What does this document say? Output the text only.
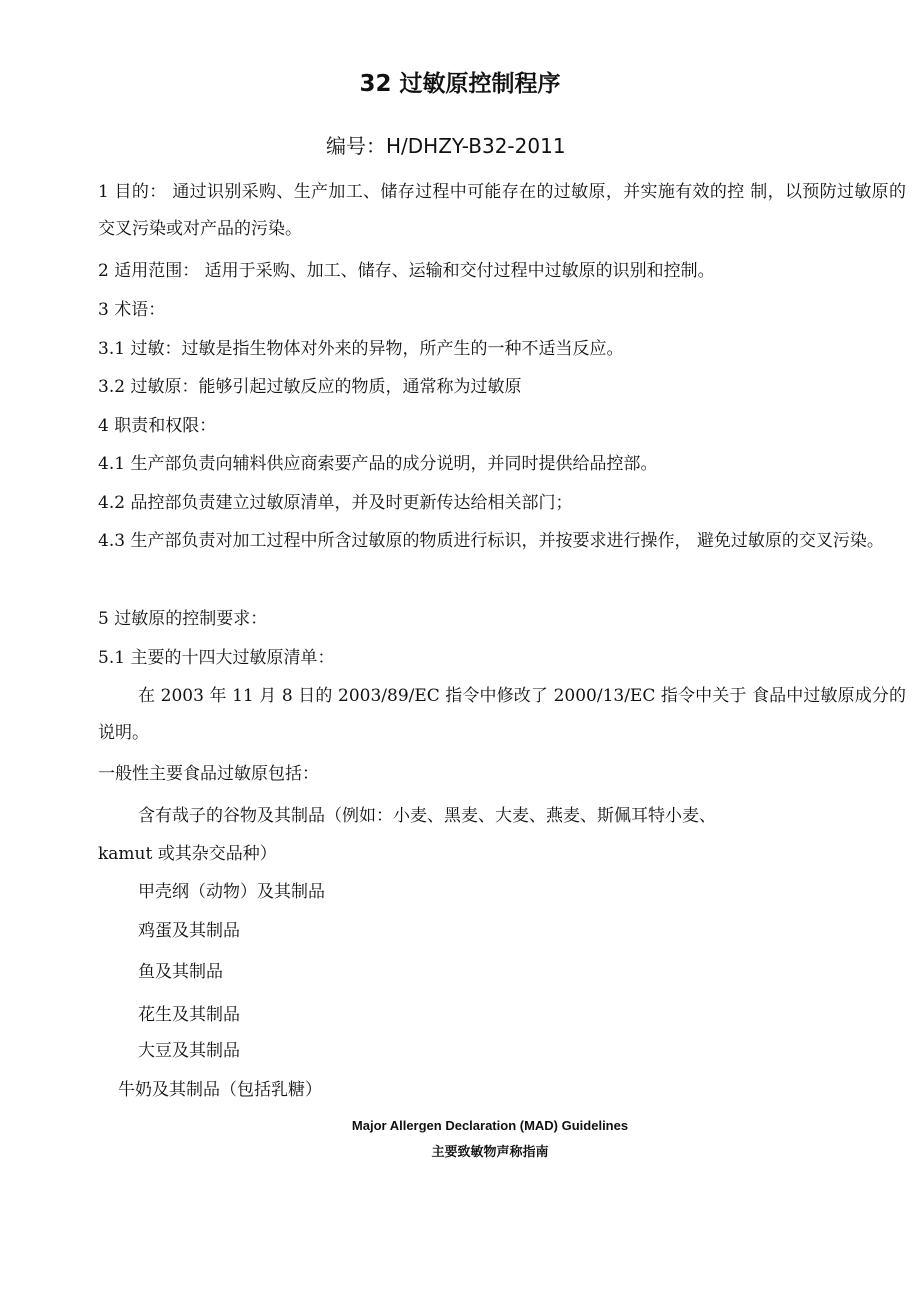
32 过敏原控制程序
编号：H/DHZY-B32-2011

1 目的： 通过识别采购、生产加工、储存过程中可能存在的过敏原，并实施有效的控 制，以预防过敏原的交叉污染或对产品的污染。

2 适用范围： 适用于采购、加工、储存、运输和交付过程中过敏原的识别和控制。

3 术语：

3.1 过敏：过敏是指生物体对外来的异物，所产生的一种不适当反应。

3.2 过敏原：能够引起过敏反应的物质，通常称为过敏原

4 职责和权限：

4.1 生产部负责向辅料供应商索要产品的成分说明，并同时提供给品控部。

4.2 品控部负责建立过敏原清单，并及时更新传达给相关部门；

4.3 生产部负责对加工过程中所含过敏原的物质进行标识，并按要求进行操作， 避免过敏原的交叉污染。

5 过敏原的控制要求：

5.1 主要的十四大过敏原清单：

在 2003 年 11 月 8 日的 2003/89/EC 指令中修改了 2000/13/EC 指令中关于 食品中过敏原成分的说明。

一般性主要食品过敏原包括：

含有哉子的谷物及其制品（例如：小麦、黑麦、大麦、燕麦、斯佩耳特小麦、
kamut 或其杂交品种）
甲壳纲（动物）及其制品
鸡蛋及其制品
鱼及其制品
花生及其制品
大豆及其制品
牛奶及其制品（包括乳糖）
Major Allergen Declaration (MAD) Guidelines
主要致敏物声称指南
